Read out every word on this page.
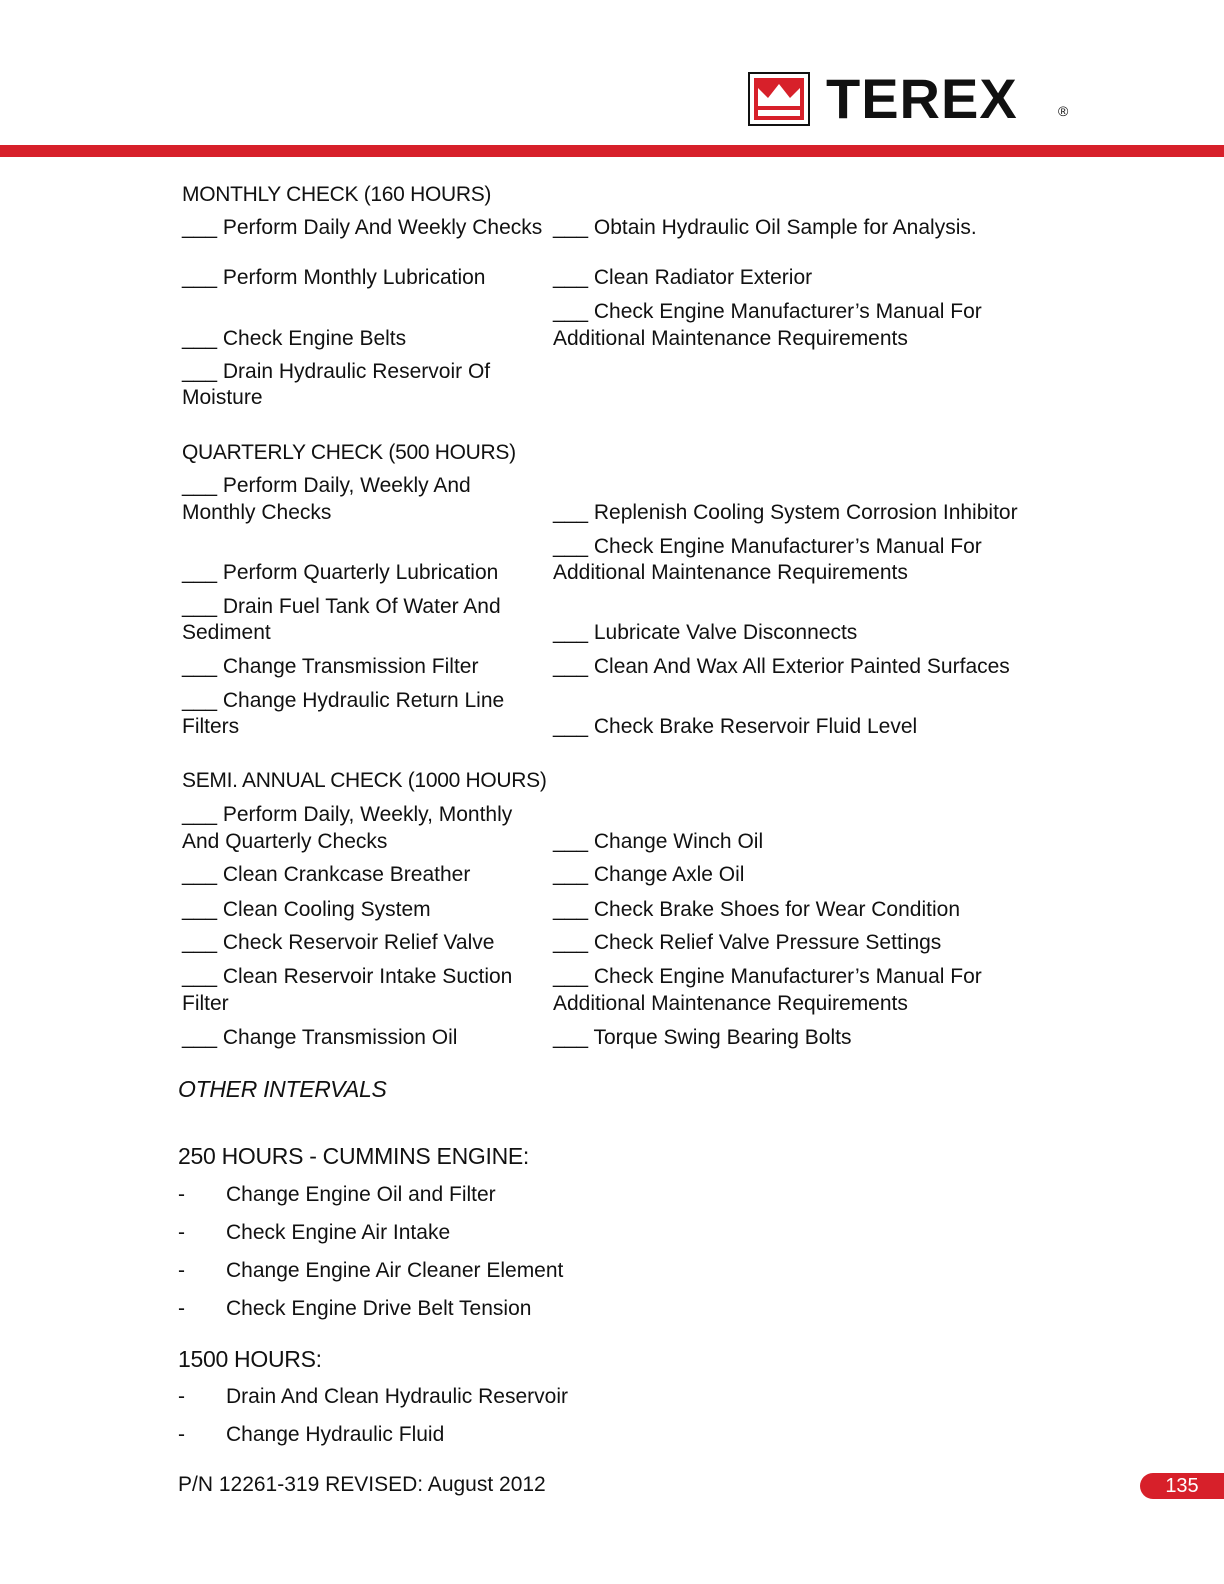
TEREX	®
MONTHLY CHECK (160 HOURS)
___ Perform Daily And Weekly Checks
___ Perform Monthly Lubrication
___ Check Engine Belts
___ Drain Hydraulic Reservoir Of
Moisture
___ Obtain Hydraulic Oil Sample for Analysis.
___ Clean Radiator Exterior
___ Check Engine Manufacturer’s Manual For
Additional Maintenance Requirements
QUARTERLY CHECK (500 HOURS)
___ Perform Daily, Weekly And
Monthly Checks
___ Perform Quarterly Lubrication
___ Drain Fuel Tank Of Water And
Sediment
___ Change Transmission Filter
___ Change Hydraulic Return Line
Filters
___ Replenish Cooling System Corrosion Inhibitor
___ Check Engine Manufacturer’s Manual For
Additional Maintenance Requirements
___ Lubricate Valve Disconnects
___ Clean And Wax All Exterior Painted Surfaces
___ Check Brake Reservoir Fluid Level
SEMI. ANNUAL CHECK (1000 HOURS)
___ Perform Daily, Weekly, Monthly
And Quarterly Checks
___ Clean Crankcase Breather
___ Clean Cooling System
___ Check Reservoir Relief Valve
___ Clean Reservoir Intake Suction
Filter
___ Change Transmission Oil
___ Change Winch Oil
___ Change Axle Oil
___ Check Brake Shoes for Wear Condition
___ Check Relief Valve Pressure Settings
___ Check Engine Manufacturer’s Manual For
Additional Maintenance Requirements
___ Torque Swing Bearing Bolts
OTHER INTERVALS
250 HOURS - CUMMINS ENGINE:
- Change Engine Oil and Filter
- Check Engine Air Intake
- Change Engine Air Cleaner Element
- Check Engine Drive Belt Tension
1500 HOURS:
- Drain And Clean Hydraulic Reservoir
- Change Hydraulic Fluid
P/N 12261-319 REVISED: August 2012	135
